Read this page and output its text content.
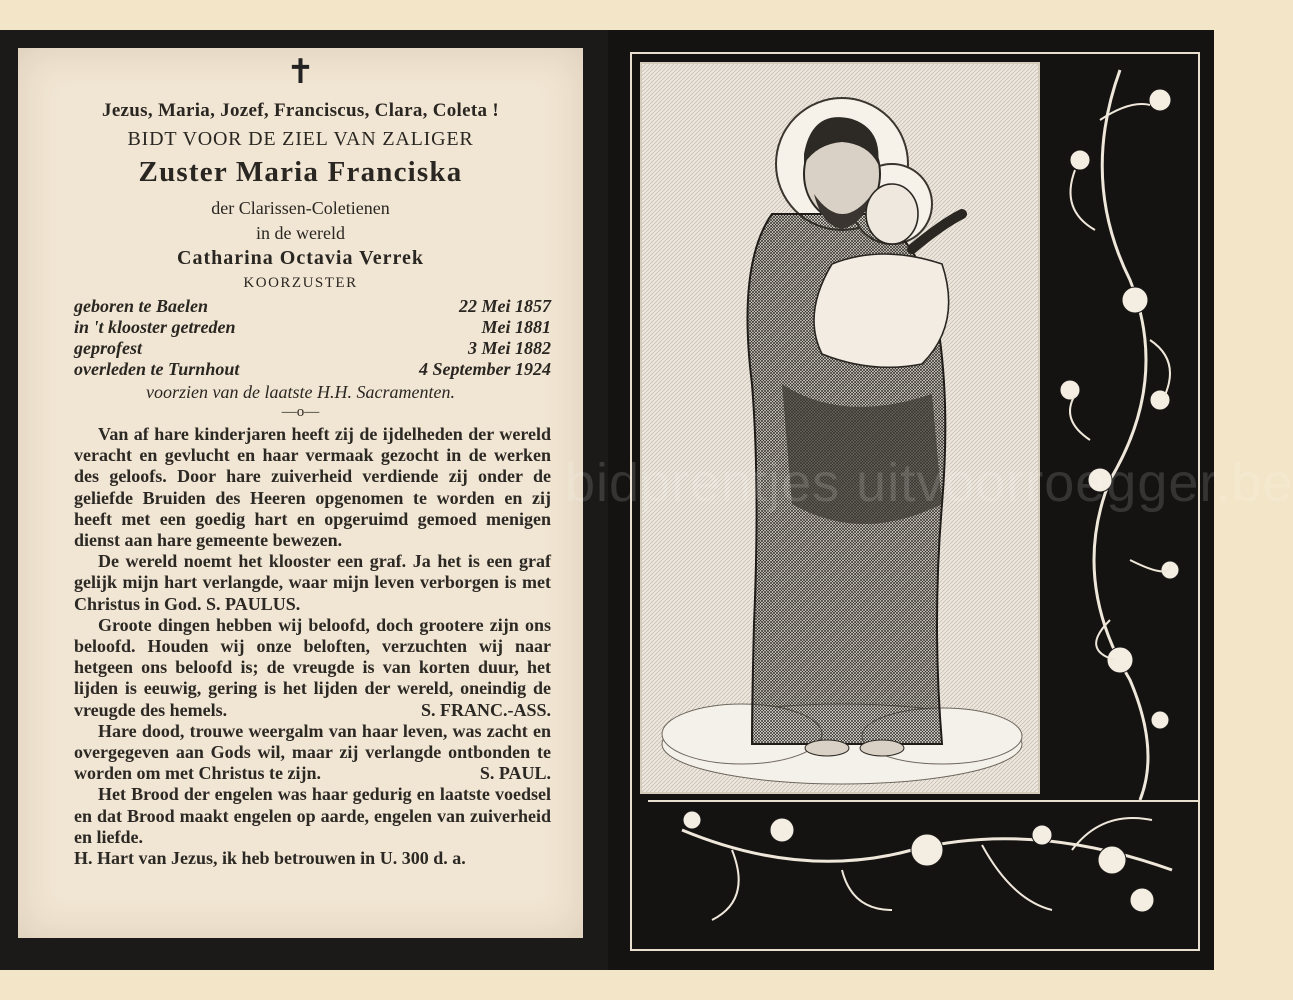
✝
Jezus, Maria, Jozef, Franciscus, Clara, Coleta !
BIDT VOOR DE ZIEL VAN ZALIGER
Zuster Maria Franciska
der Clarissen-Coletienen
in de wereld
Catharina Octavia Verrek
KOORZUSTER
geboren te Baelen	22 Mei 1857
in 't klooster getreden	Mei 1881
geprofest	3 Mei 1882
overleden te Turnhout	4 September 1924
voorzien van de laatste H.H. Sacramenten.
—o—

Van af hare kinderjaren heeft zij de ijdelheden der wereld veracht en gevlucht en haar vermaak gezocht in de werken des geloofs. Door hare zuiverheid verdiende zij onder de geliefde Bruiden des Heeren opgenomen te worden en zij heeft met een goedig hart en opgeruimd gemoed menigen dienst aan hare gemeente bewezen.

De wereld noemt het klooster een graf. Ja het is een graf gelijk mijn hart verlangde, waar mijn leven verborgen is met Christus in God. S. PAULUS.

Groote dingen hebben wij beloofd, doch grootere zijn ons beloofd. Houden wij onze beloften, verzuchten wij naar hetgeen ons beloofd is; de vreugde is van korten duur, het lijden is eeuwig, gering is het lijden der wereld, oneindig de vreugde des hemels.	S. FRANC.-ASS.

Hare dood, trouwe weergalm van haar leven, was zacht en overgegeven aan Gods wil, maar zij verlangde ontbonden te worden om met Christus te zijn.	S. PAUL.

Het Brood der engelen was haar gedurig en laatste voedsel en dat Brood maakt engelen op aarde, engelen van zuiverheid en liefde.

H. Hart van Jezus, ik heb betrouwen in U. 300 d. a.

bidprentjes uitvoorroegger.be
